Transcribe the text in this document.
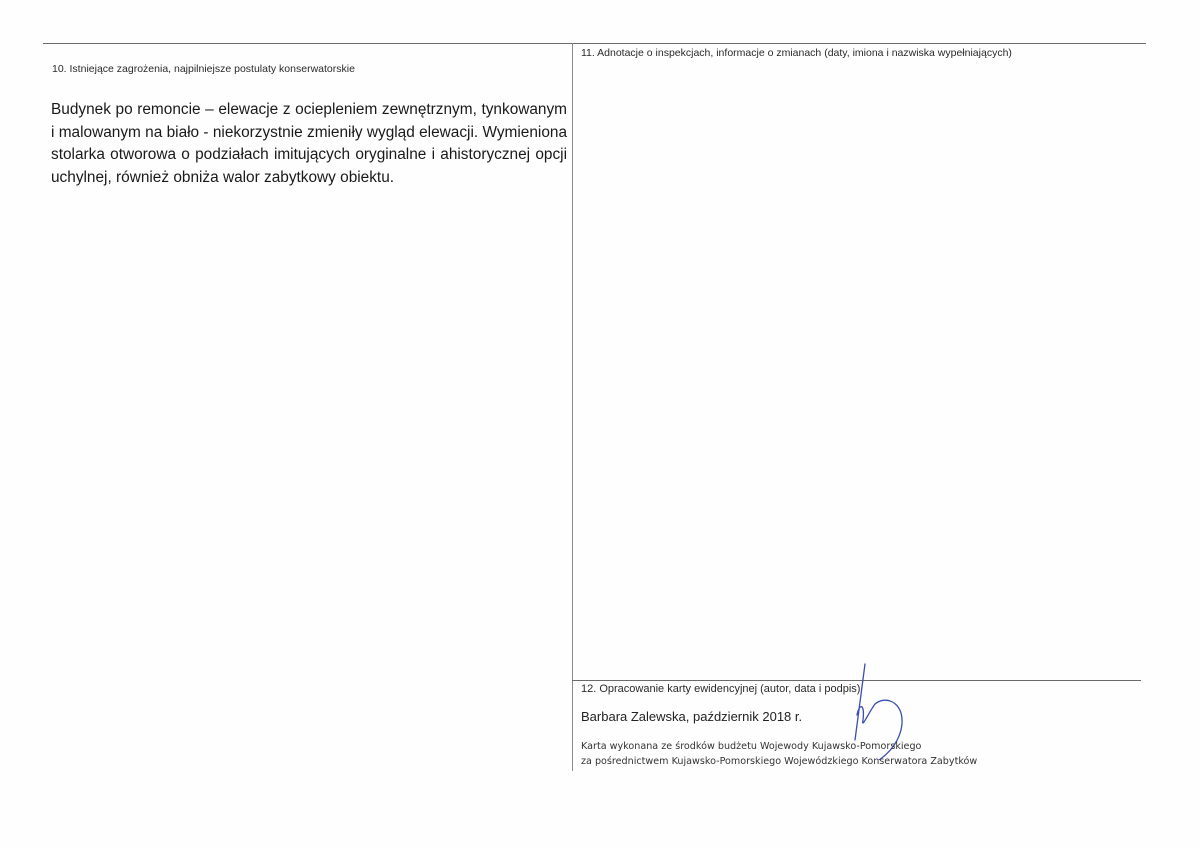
10. Istniejące zagrożenia, najpilniejsze postulaty konserwatorskie
Budynek po remoncie – elewacje z ociepleniem zewnętrznym, tynkowanym i malowanym na biało - niekorzystnie zmieniły wygląd elewacji. Wymieniona stolarka otworowa o podziałach imitujących oryginalne i ahistorycznej opcji uchylnej, również obniża walor zabytkowy obiektu.
11. Adnotacje o inspekcjach, informacje o zmianach (daty, imiona i nazwiska wypełniających)
12. Opracowanie karty ewidencyjnej (autor, data i podpis)
Barbara Zalewska, październik 2018 r.
Karta wykonana ze środków budżetu Wojewody Kujawsko-Pomorskiego
za pośrednictwem Kujawsko-Pomorskiego Wojewódzkiego Konserwatora Zabytków
